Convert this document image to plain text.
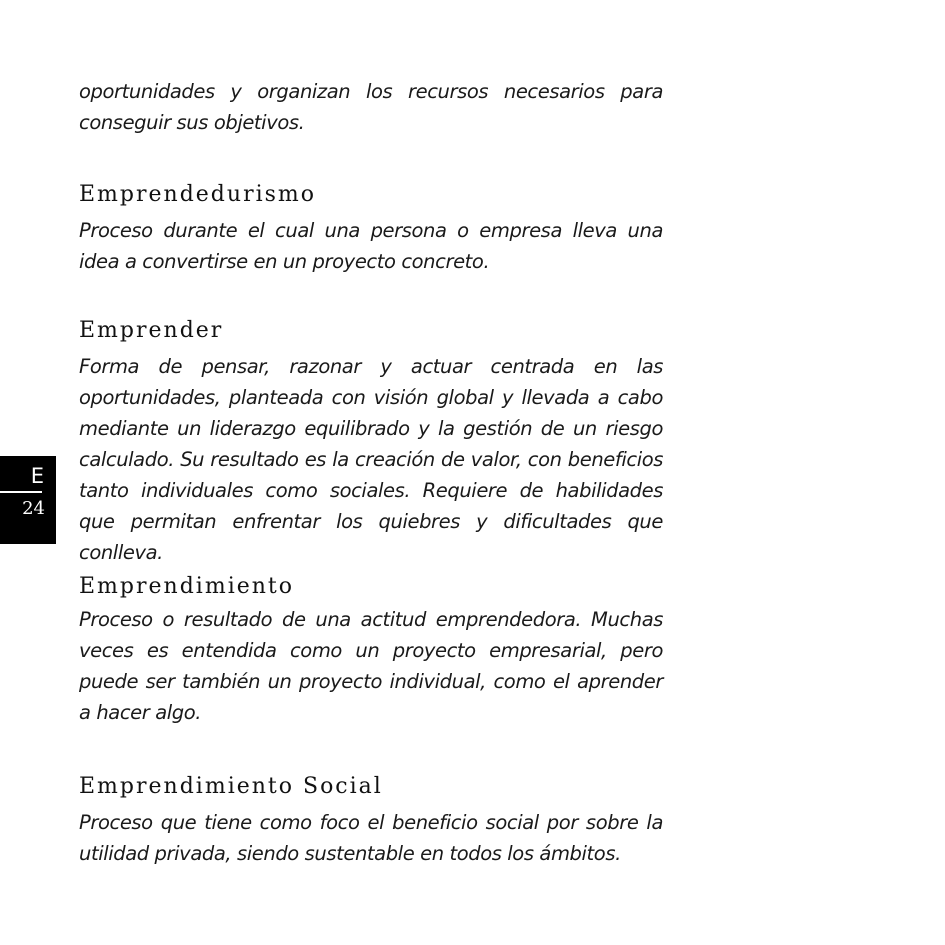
E
24

oportunidades y organizan los recursos necesarios para conseguir sus objetivos.

Emprendedurismo

Proceso durante el cual una persona o empresa lleva una idea a convertirse en un proyecto concreto.

Emprender

Forma de pensar, razonar y actuar centrada en las oportunidades, planteada con visión global y llevada a cabo mediante un liderazgo equilibrado y la gestión de un riesgo calculado. Su resultado es la creación de valor, con beneficios tanto individuales como sociales. Requiere de habilidades que permitan enfrentar los quiebres y dificultades que conlleva.

Emprendimiento

Proceso o resultado de una actitud emprendedora. Muchas veces es entendida como un proyecto empresarial, pero puede ser también un proyecto individual, como el aprender a hacer algo.

Emprendimiento Social

Proceso que tiene como foco el beneficio social por sobre la utilidad privada, siendo sustentable en todos los ámbitos.
